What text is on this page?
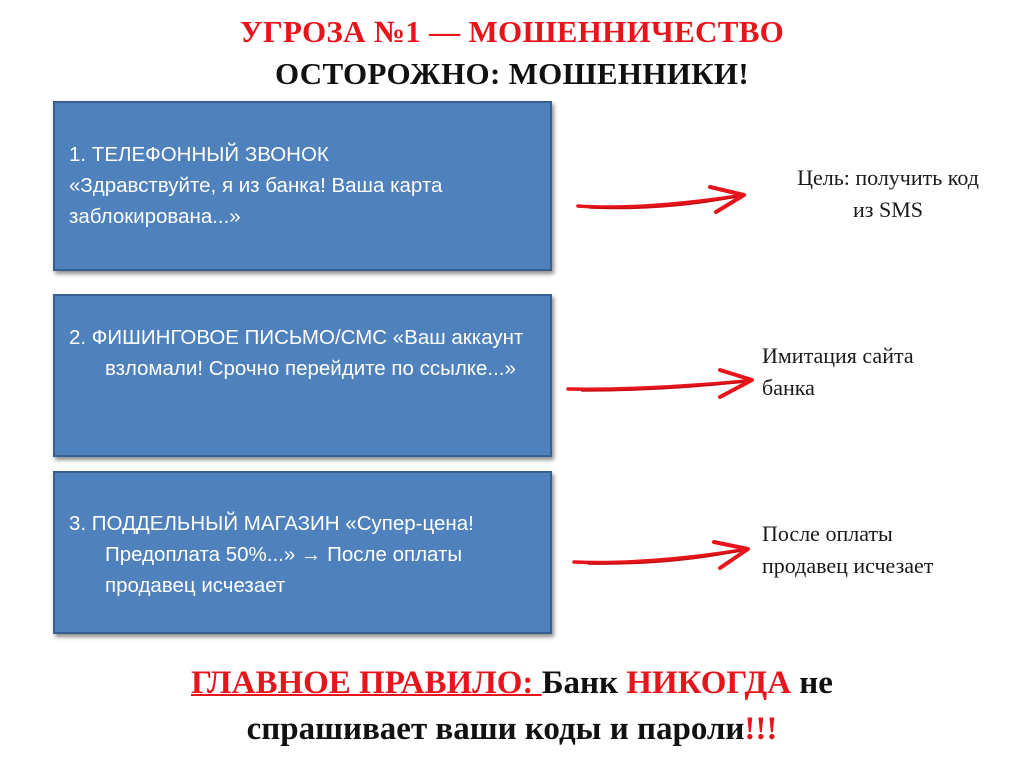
УГРОЗА №1 — МОШЕННИЧЕСТВО
ОСТОРОЖНО: МОШЕННИКИ!
1. ТЕЛЕФОННЫЙ ЗВОНОК
«Здравствуйте, я из банка! Ваша карта заблокирована...»
2. ФИШИНГОВОЕ ПИСЬМО/СМС «Ваш аккаунт взломали! Срочно перейдите по ссылке...»
3. ПОДДЕЛЬНЫЙ МАГАЗИН «Супер-цена! Предоплата 50%...» → После оплаты продавец исчезает
Цель: получить код
из SMS
Имитация сайта
банка
После оплаты
продавец исчезает
ГЛАВНОЕ ПРАВИЛО: Банк НИКОГДА не
спрашивает ваши коды и пароли!!!
